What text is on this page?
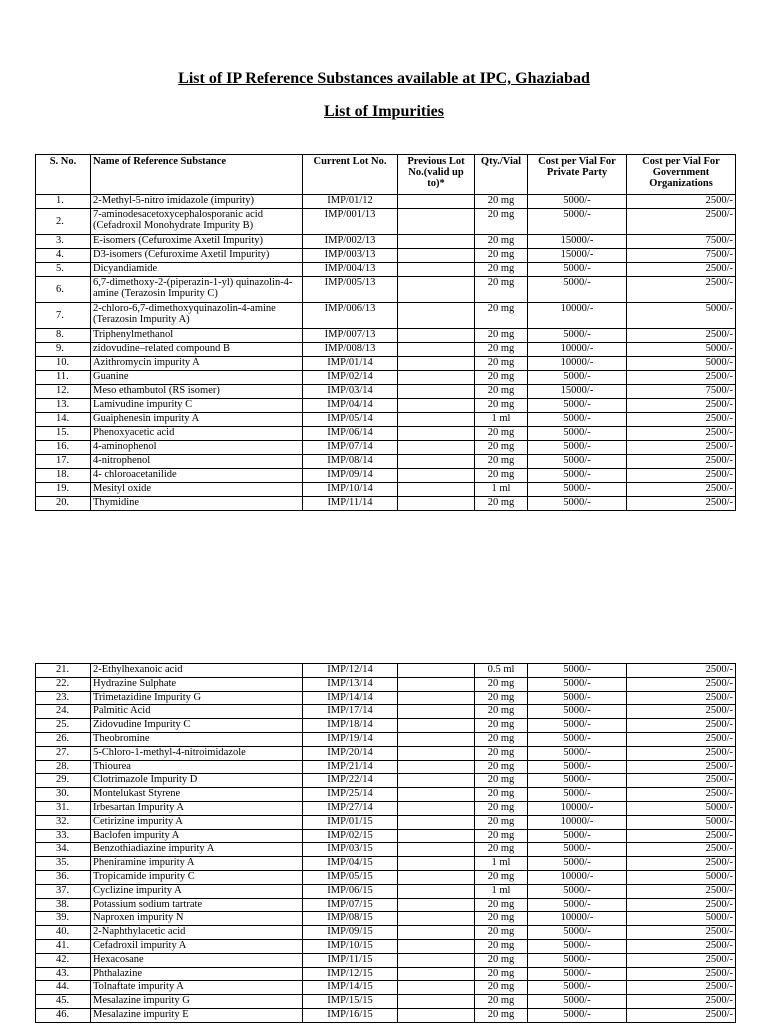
List of IP Reference Substances available at IPC, Ghaziabad
List of Impurities
S. No.	Name of Reference Substance	Current Lot No.	Previous Lot No.(valid up to)*	Qty./Vial	Cost per Vial For Private Party	Cost per Vial For Government Organizations
1.	2-Methyl-5-nitro imidazole (impurity)	IMP/01/12		20 mg	5000/-	2500/-
2.	7-aminodesacetoxycephalosporanic acid (Cefadroxil Monohydrate Impurity B)	IMP/001/13		20 mg	5000/-	2500/-
3.	E-isomers (Cefuroxime Axetil Impurity)	IMP/002/13		20 mg	15000/-	7500/-
4.	D3-isomers (Cefuroxime Axetil Impurity)	IMP/003/13		20 mg	15000/-	7500/-
5.	Dicyandiamide	IMP/004/13		20 mg	5000/-	2500/-
6.	6,7-dimethoxy-2-(piperazin-1-yl) quinazolin-4-amine (Terazosin Impurity C)	IMP/005/13		20 mg	5000/-	2500/-
7.	2-chloro-6,7-dimethoxyquinazolin-4-amine (Terazosin Impurity A)	IMP/006/13		20 mg	10000/-	5000/-
8.	Triphenylmethanol	IMP/007/13		20 mg	5000/-	2500/-
9.	zidovudine–related compound B	IMP/008/13		20 mg	10000/-	5000/-
10.	Azithromycin impurity A	IMP/01/14		20 mg	10000/-	5000/-
11.	Guanine	IMP/02/14		20 mg	5000/-	2500/-
12.	Meso ethambutol (RS isomer)	IMP/03/14		20 mg	15000/-	7500/-
13.	Lamivudine impurity C	IMP/04/14		20 mg	5000/-	2500/-
14.	Guaiphenesin impurity A	IMP/05/14		1 ml	5000/-	2500/-
15.	Phenoxyacetic acid	IMP/06/14		20 mg	5000/-	2500/-
16.	4-aminophenol	IMP/07/14		20 mg	5000/-	2500/-
17.	4-nitrophenol	IMP/08/14		20 mg	5000/-	2500/-
18.	4- chloroacetanilide	IMP/09/14		20 mg	5000/-	2500/-
19.	Mesityl oxide	IMP/10/14		1 ml	5000/-	2500/-
20.	Thymidine	IMP/11/14		20 mg	5000/-	2500/-
21.	2-Ethylhexanoic acid	IMP/12/14		0.5 ml	5000/-	2500/-
22.	Hydrazine Sulphate	IMP/13/14		20 mg	5000/-	2500/-
23.	Trimetazidine Impurity G	IMP/14/14		20 mg	5000/-	2500/-
24.	Palmitic Acid	IMP/17/14		20 mg	5000/-	2500/-
25.	Zidovudine Impurity C	IMP/18/14		20 mg	5000/-	2500/-
26.	Theobromine	IMP/19/14		20 mg	5000/-	2500/-
27.	5-Chloro-1-methyl-4-nitroimidazole	IMP/20/14		20 mg	5000/-	2500/-
28.	Thiourea	IMP/21/14		20 mg	5000/-	2500/-
29.	Clotrimazole Impurity D	IMP/22/14		20 mg	5000/-	2500/-
30.	Montelukast Styrene	IMP/25/14		20 mg	5000/-	2500/-
31.	Irbesartan Impurity A	IMP/27/14		20 mg	10000/-	5000/-
32.	Cetirizine impurity A	IMP/01/15		20 mg	10000/-	5000/-
33.	Baclofen impurity A	IMP/02/15		20 mg	5000/-	2500/-
34.	Benzothiadiazine impurity A	IMP/03/15		20 mg	5000/-	2500/-
35.	Pheniramine impurity A	IMP/04/15		1 ml	5000/-	2500/-
36.	Tropicamide impurity C	IMP/05/15		20 mg	10000/-	5000/-
37.	Cyclizine impurity A	IMP/06/15		1 ml	5000/-	2500/-
38.	Potassium sodium tartrate	IMP/07/15		20 mg	5000/-	2500/-
39.	Naproxen impurity N	IMP/08/15		20 mg	10000/-	5000/-
40.	2-Naphthylacetic acid	IMP/09/15		20 mg	5000/-	2500/-
41.	Cefadroxil impurity A	IMP/10/15		20 mg	5000/-	2500/-
42.	Hexacosane	IMP/11/15		20 mg	5000/-	2500/-
43.	Phthalazine	IMP/12/15		20 mg	5000/-	2500/-
44.	Tolnaftate impurity A	IMP/14/15		20 mg	5000/-	2500/-
45.	Mesalazine impurity G	IMP/15/15		20 mg	5000/-	2500/-
46.	Mesalazine impurity E	IMP/16/15		20 mg	5000/-	2500/-
